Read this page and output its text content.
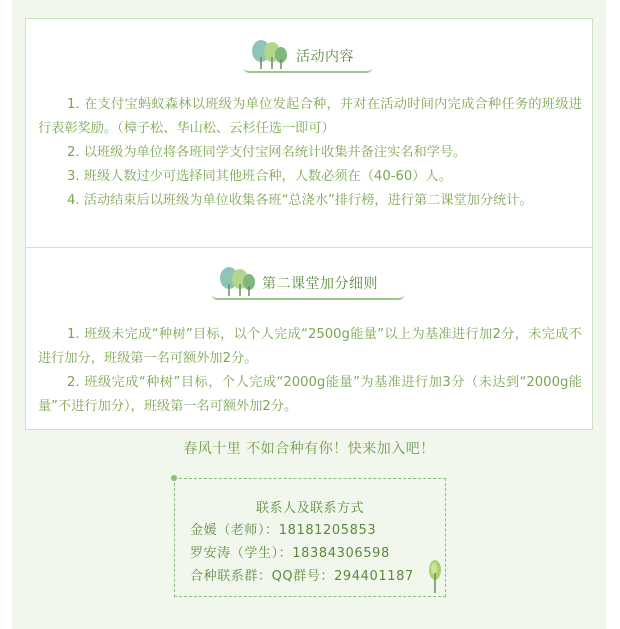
活动内容

1. 在支付宝蚂蚁森林以班级为单位发起合种，并对在活动时间内完成合种任务的班级进行表彰奖励。（樟子松、华山松、云杉任选一即可）

2. 以班级为单位将各班同学支付宝网名统计收集并备注实名和学号。

3. 班级人数过少可选择同其他班合种，人数必须在（40-60）人。

4. 活动结束后以班级为单位收集各班“总浇水”排行榜，进行第二课堂加分统计。

第二课堂加分细则

1. 班级未完成“种树”目标，以个人完成“2500g能量”以上为基准进行加2分，未完成不进行加分，班级第一名可额外加2分。

2. 班级完成“种树”目标，个人完成“2000g能量”为基准进行加3分（未达到“2000g能量”不进行加分），班级第一名可额外加2分。

春风十里 不如合种有你！快来加入吧！
联系人及联系方式
金媛（老师）：18181205853
罗安涛（学生）：18384306598
合种联系群：QQ群号：294401187
